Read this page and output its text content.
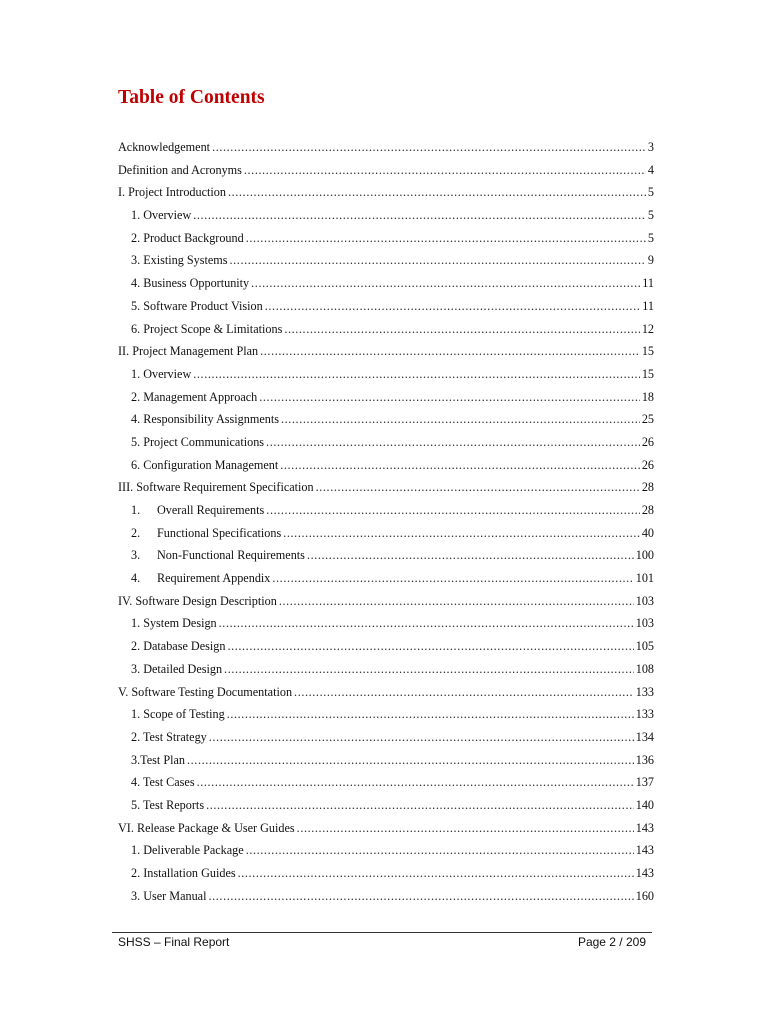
Table of Contents
Acknowledgement .....	3
Definition and Acronyms .....	4
I. Project Introduction .....	5
1. Overview .....	5
2. Product Background .....	5
3. Existing Systems .....	9
4. Business Opportunity .....	11
5. Software Product Vision .....	11
6. Project Scope & Limitations .....	12
II. Project Management Plan .....	15
1. Overview .....	15
2. Management Approach .....	18
4. Responsibility Assignments .....	25
5. Project Communications .....	26
6. Configuration Management .....	26
III. Software Requirement Specification .....	28
1. Overall Requirements .....	28
2. Functional Specifications .....	40
3. Non-Functional Requirements .....	100
4. Requirement Appendix .....	101
IV. Software Design Description .....	103
1. System Design .....	103
2. Database Design .....	105
3. Detailed Design .....	108
V. Software Testing Documentation .....	133
1. Scope of Testing .....	133
2. Test Strategy .....	134
3.Test Plan .....	136
4. Test Cases .....	137
5. Test Reports .....	140
VI. Release Package & User Guides .....	143
1. Deliverable Package .....	143
2. Installation Guides .....	143
3. User Manual .....	160
SHSS – Final Report	Page 2 / 209
